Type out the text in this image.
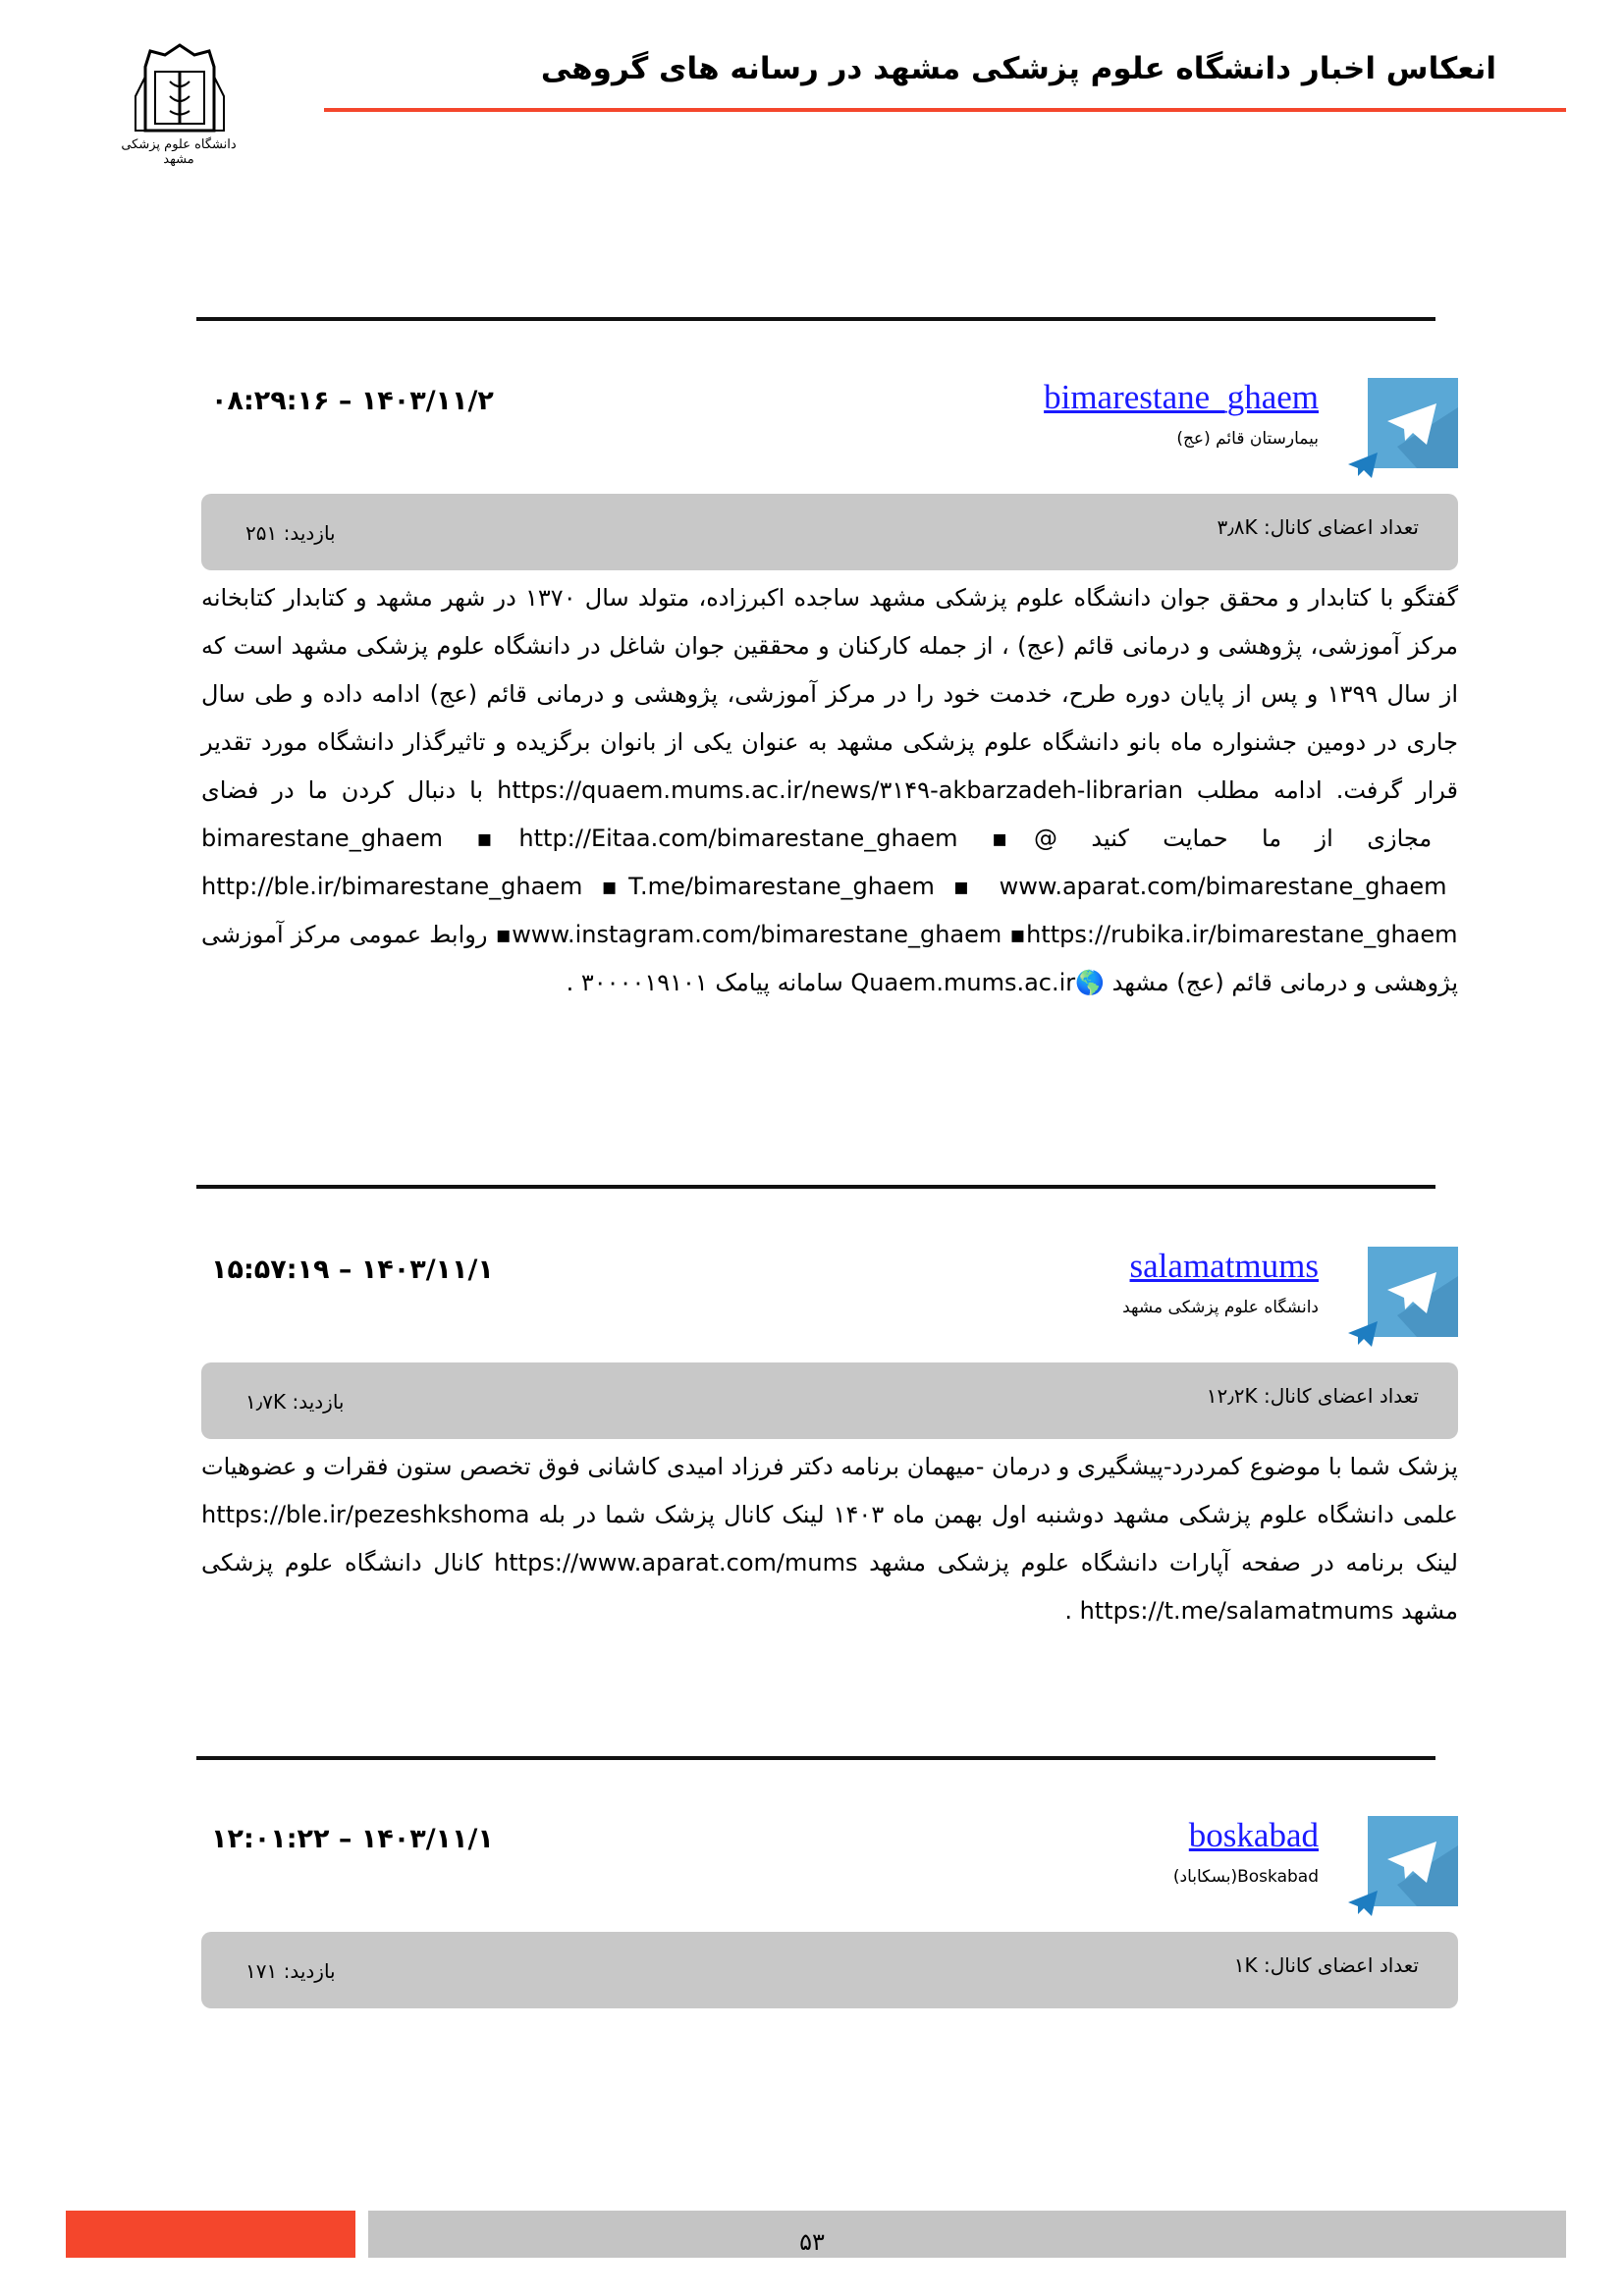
دانشگاه علوم پزشکی مشهد
انعکاس اخبار دانشگاه علوم پزشکی مشهد در رسانه های گروهی
bimarestane_ghaem
بیمارستان قائم (عج)
۰۸:۲۹:۱۶ – ۱۴۰۳/۱۱/۲
تعداد اعضای کانال: ۳٫۸K
بازدید: ۲۵۱
گفتگو با کتابدار و محقق جوان دانشگاه علوم پزشکی مشهد ساجده اکبرزاده، متولد سال ۱۳۷۰ در شهر مشهد و کتابدار کتابخانه مرکز آموزشی، پژوهشی و درمانی قائم (عج) ، از جمله کارکنان و محققین جوان شاغل در دانشگاه علوم پزشکی مشهد است که از سال ۱۳۹۹ و پس از پایان دوره طرح، خدمت خود را در مرکز آموزشی، پژوهشی و درمانی قائم (عج) ادامه داده و طی سال جاری در دومین جشنواره ماه بانو دانشگاه علوم پزشکی مشهد به عنوان یکی از بانوان برگزیده و تاثیرگذار دانشگاه مورد تقدیر قرار گرفت. ادامه مطلب https://quaem.mums.ac.ir/news/۳۱۴۹-akbarzadeh-librarian با دنبال کردن ما در فضای مجازی از ما حمایت کنید @bimarestane_ghaem ▪http://Eitaa.com/bimarestane_ghaem ▪ http://ble.ir/bimarestane_ghaem ▪T.me/bimarestane_ghaem ▪ www.aparat.com/bimarestane_ghaem ▪www.instagram.com/bimarestane_ghaem ▪https://rubika.ir/bimarestane_ghaem روابط عمومی مرکز آموزشی پژوهشی و درمانی قائم (عج) مشهد 🌎Quaem.mums.ac.ir سامانه پیامک ۳۰۰۰۰۱۹۱۰۱ .
salamatmums
دانشگاه علوم پزشکی مشهد
۱۵:۵۷:۱۹ – ۱۴۰۳/۱۱/۱
تعداد اعضای کانال: ۱۲٫۲K
بازدید: ۱٫۷K
پزشک شما با موضوع کمردرد-پیشگیری و درمان -میهمان برنامه دکتر فرزاد امیدی کاشانی فوق تخصص ستون فقرات و عضوهیات علمی دانشگاه علوم پزشکی مشهد دوشنبه اول بهمن ماه ۱۴۰۳ لینک کانال پزشک شما در بله https://ble.ir/pezeshkshoma لینک برنامه در صفحه آپارات دانشگاه علوم پزشکی مشهد https://www.aparat.com/mums کانال دانشگاه علوم پزشکی مشهد https://t.me/salamatmums .
boskabad
Boskabad(بسکاباد)
۱۲:۰۱:۲۲ – ۱۴۰۳/۱۱/۱
تعداد اعضای کانال: ۱K
بازدید: ۱۷۱
۵۳
